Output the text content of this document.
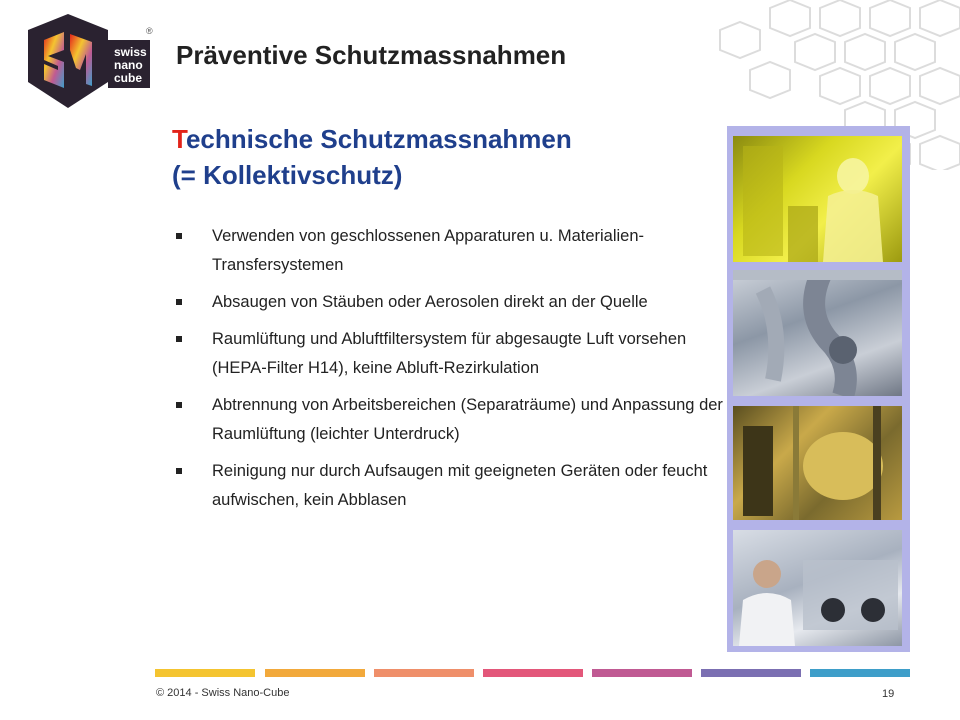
swiss
nano
cube
®
Präventive Schutzmassnahmen
Technische Schutzmassnahmen
(= Kollektivschutz)
Verwenden von geschlossenen Apparaturen u. Materialien-Transfersystemen
Absaugen von Stäuben oder Aerosolen direkt an der Quelle
Raumlüftung und Abluftfiltersystem für abgesaugte Luft vorsehen (HEPA-Filter H14), keine Abluft-Rezirkulation
Abtrennung von Arbeitsbereichen (Separaträume) und Anpassung der Raumlüftung (leichter Unterdruck)
Reinigung nur durch Aufsaugen mit geeigneten Geräten oder feucht aufwischen, kein Abblasen
© 2014 - Swiss Nano-Cube	19
